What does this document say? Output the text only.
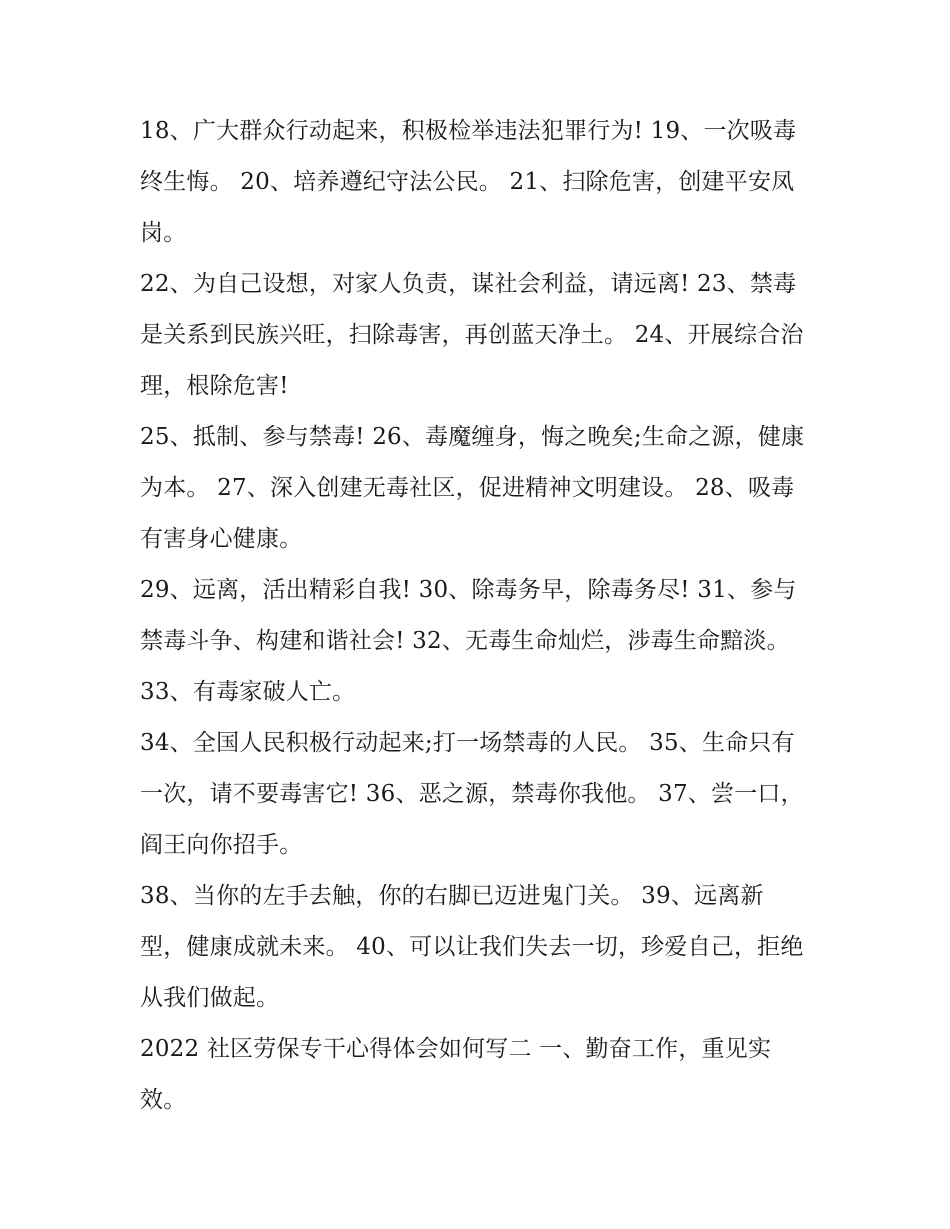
18、广大群众行动起来，积极检举违法犯罪行为! 19、一次吸毒终生悔。 20、培养遵纪守法公民。 21、扫除危害，创建平安凤岗。

22、为自己设想，对家人负责，谋社会利益，请远离! 23、禁毒是关系到民族兴旺，扫除毒害，再创蓝天净土。 24、开展综合治理，根除危害!

25、抵制、参与禁毒! 26、毒魔缠身，悔之晚矣;生命之源，健康为本。 27、深入创建无毒社区，促进精神文明建设。 28、吸毒有害身心健康。

29、远离，活出精彩自我! 30、除毒务早，除毒务尽! 31、参与禁毒斗争、构建和谐社会! 32、无毒生命灿烂，涉毒生命黯淡。 33、有毒家破人亡。

34、全国人民积极行动起来;打一场禁毒的人民。 35、生命只有一次，请不要毒害它! 36、恶之源，禁毒你我他。 37、尝一口，阎王向你招手。

38、当你的左手去触，你的右脚已迈进鬼门关。 39、远离新型，健康成就未来。 40、可以让我们失去一切，珍爱自己，拒绝从我们做起。

2022 社区劳保专干心得体会如何写二 一、勤奋工作，重见实效。
